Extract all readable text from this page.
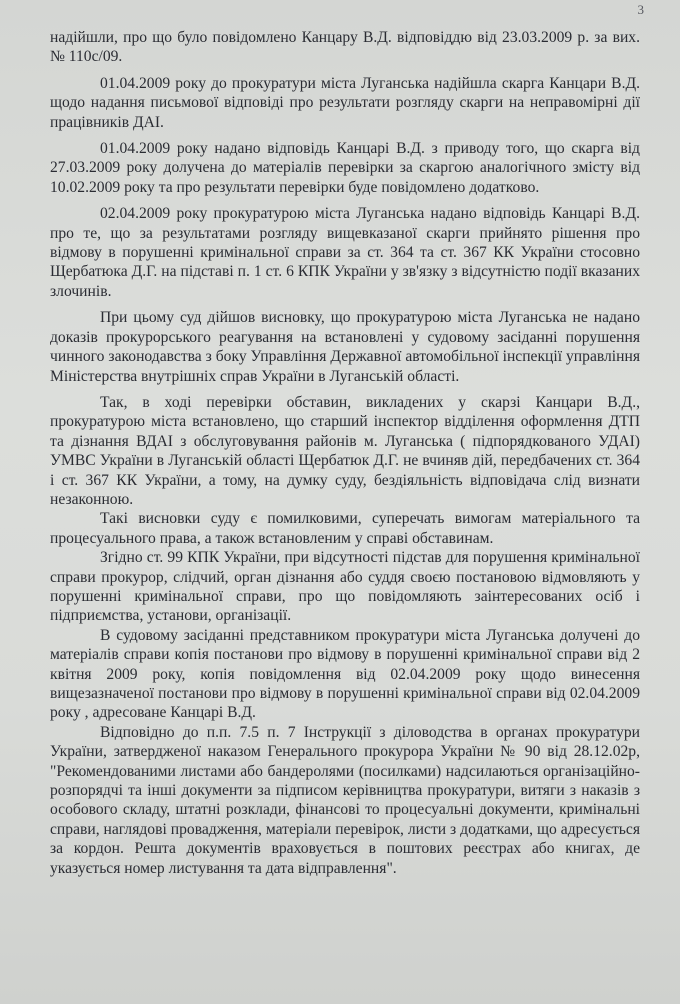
3

надійшли, про що було повідомлено Канцару В.Д. відповіддю від 23.03.2009 р. за вих. № 110с/09.

01.04.2009 року до прокуратури міста Луганська надійшла скарга Канцари В.Д. щодо надання письмової відповіді про результати розгляду скарги на неправомірні дії працівників ДАІ.

01.04.2009 року надано відповідь Канцарі В.Д. з приводу того, що скарга від 27.03.2009 року долучена до матеріалів перевірки за скаргою аналогічного змісту від 10.02.2009 року та про результати перевірки буде повідомлено додатково.

02.04.2009 року прокуратурою міста Луганська надано відповідь Канцарі В.Д. про те, що за результатами розгляду вищевказаної скарги прийнято рішення про відмову в порушенні кримінальної справи за ст. 364 та ст. 367 КК України стосовно Щербатюка Д.Г. на підставі п. 1 ст. 6 КПК України у зв'язку з відсутністю події вказаних злочинів.

При цьому суд дійшов висновку, що прокуратурою міста Луганська не надано доказів прокурорського реагування на встановлені у судовому засіданні порушення чинного законодавства з боку Управління Державної автомобільної інспекції управління Міністерства внутрішніх справ України в Луганській області.

Так, в ході перевірки обставин, викладених у скарзі Канцари В.Д., прокуратурою міста встановлено, що старший інспектор відділення оформлення ДТП та дізнання ВДАІ з обслуговування районів м. Луганська ( підпорядкованого УДАІ) УМВС України в Луганській області Щербатюк Д.Г. не вчиняв дій, передбачених ст. 364 і ст. 367 КК України, а тому, на думку суду, бездіяльність відповідача слід визнати незаконною.

Такі висновки суду є помилковими, суперечать вимогам матеріального та процесуального права, а також встановленим у справі обставинам.

Згідно ст. 99 КПК України, при відсутності підстав для порушення кримінальної справи прокурор, слідчий, орган дізнання або суддя своєю постановою відмовляють у порушенні кримінальної справи, про що повідомляють заінтересованих осіб і підприємства, установи, організації.

В судовому засіданні представником прокуратури міста Луганська долучені до матеріалів справи копія постанови про відмову в порушенні кримінальної справи від 2 квітня 2009 року, копія повідомлення від 02.04.2009 року щодо винесення вищезазначеної постанови про відмову в порушенні кримінальної справи від 02.04.2009 року , адресоване Канцарі В.Д.

Відповідно до п.п. 7.5 п. 7 Інструкції з діловодства в органах прокуратури України, затвердженої наказом Генерального прокурора України № 90 від 28.12.02р, "Рекомендованими листами або бандеролями (посилками) надсилаються організаційно-розпорядчі та інші документи за підписом керівництва прокуратури, витяги з наказів з особового складу, штатні розклади, фінансові то процесуальні документи, кримінальні справи, наглядові провадження, матеріали перевірок, листи з додатками, що адресується за кордон. Решта документів враховується в поштових реєстрах або книгах, де указується номер листування та дата відправлення".
